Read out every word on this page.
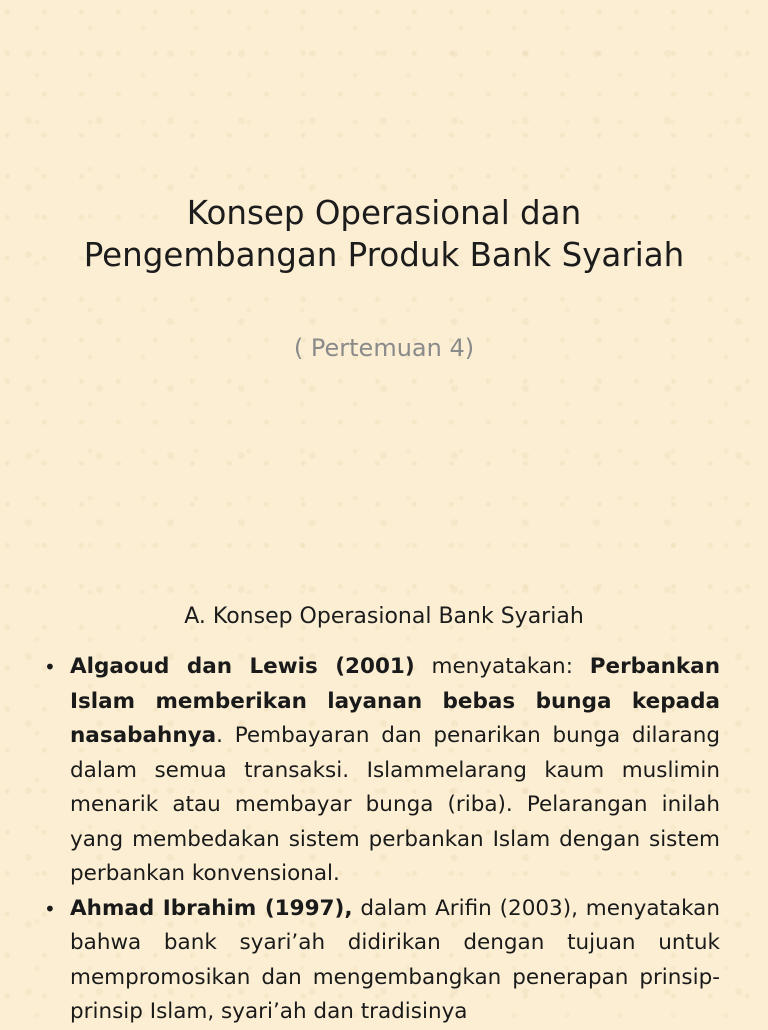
Konsep Operasional dan
Pengembangan Produk Bank Syariah
( Pertemuan 4)
A. Konsep Operasional Bank Syariah
• Algaoud dan Lewis (2001) menyatakan: Perbankan Islam memberikan layanan bebas bunga kepada nasabahnya. Pembayaran dan penarikan bunga dilarang dalam semua transaksi. Islammelarang kaum muslimin menarik atau membayar bunga (riba). Pelarangan inilah yang membedakan sistem perbankan Islam dengan sistem perbankan konvensional.
• Ahmad Ibrahim (1997), dalam Arifin (2003), menyatakan bahwa bank syari’ah didirikan dengan tujuan untuk mempromosikan dan mengembangkan penerapan prinsip-prinsip Islam, syari’ah dan tradisinya
